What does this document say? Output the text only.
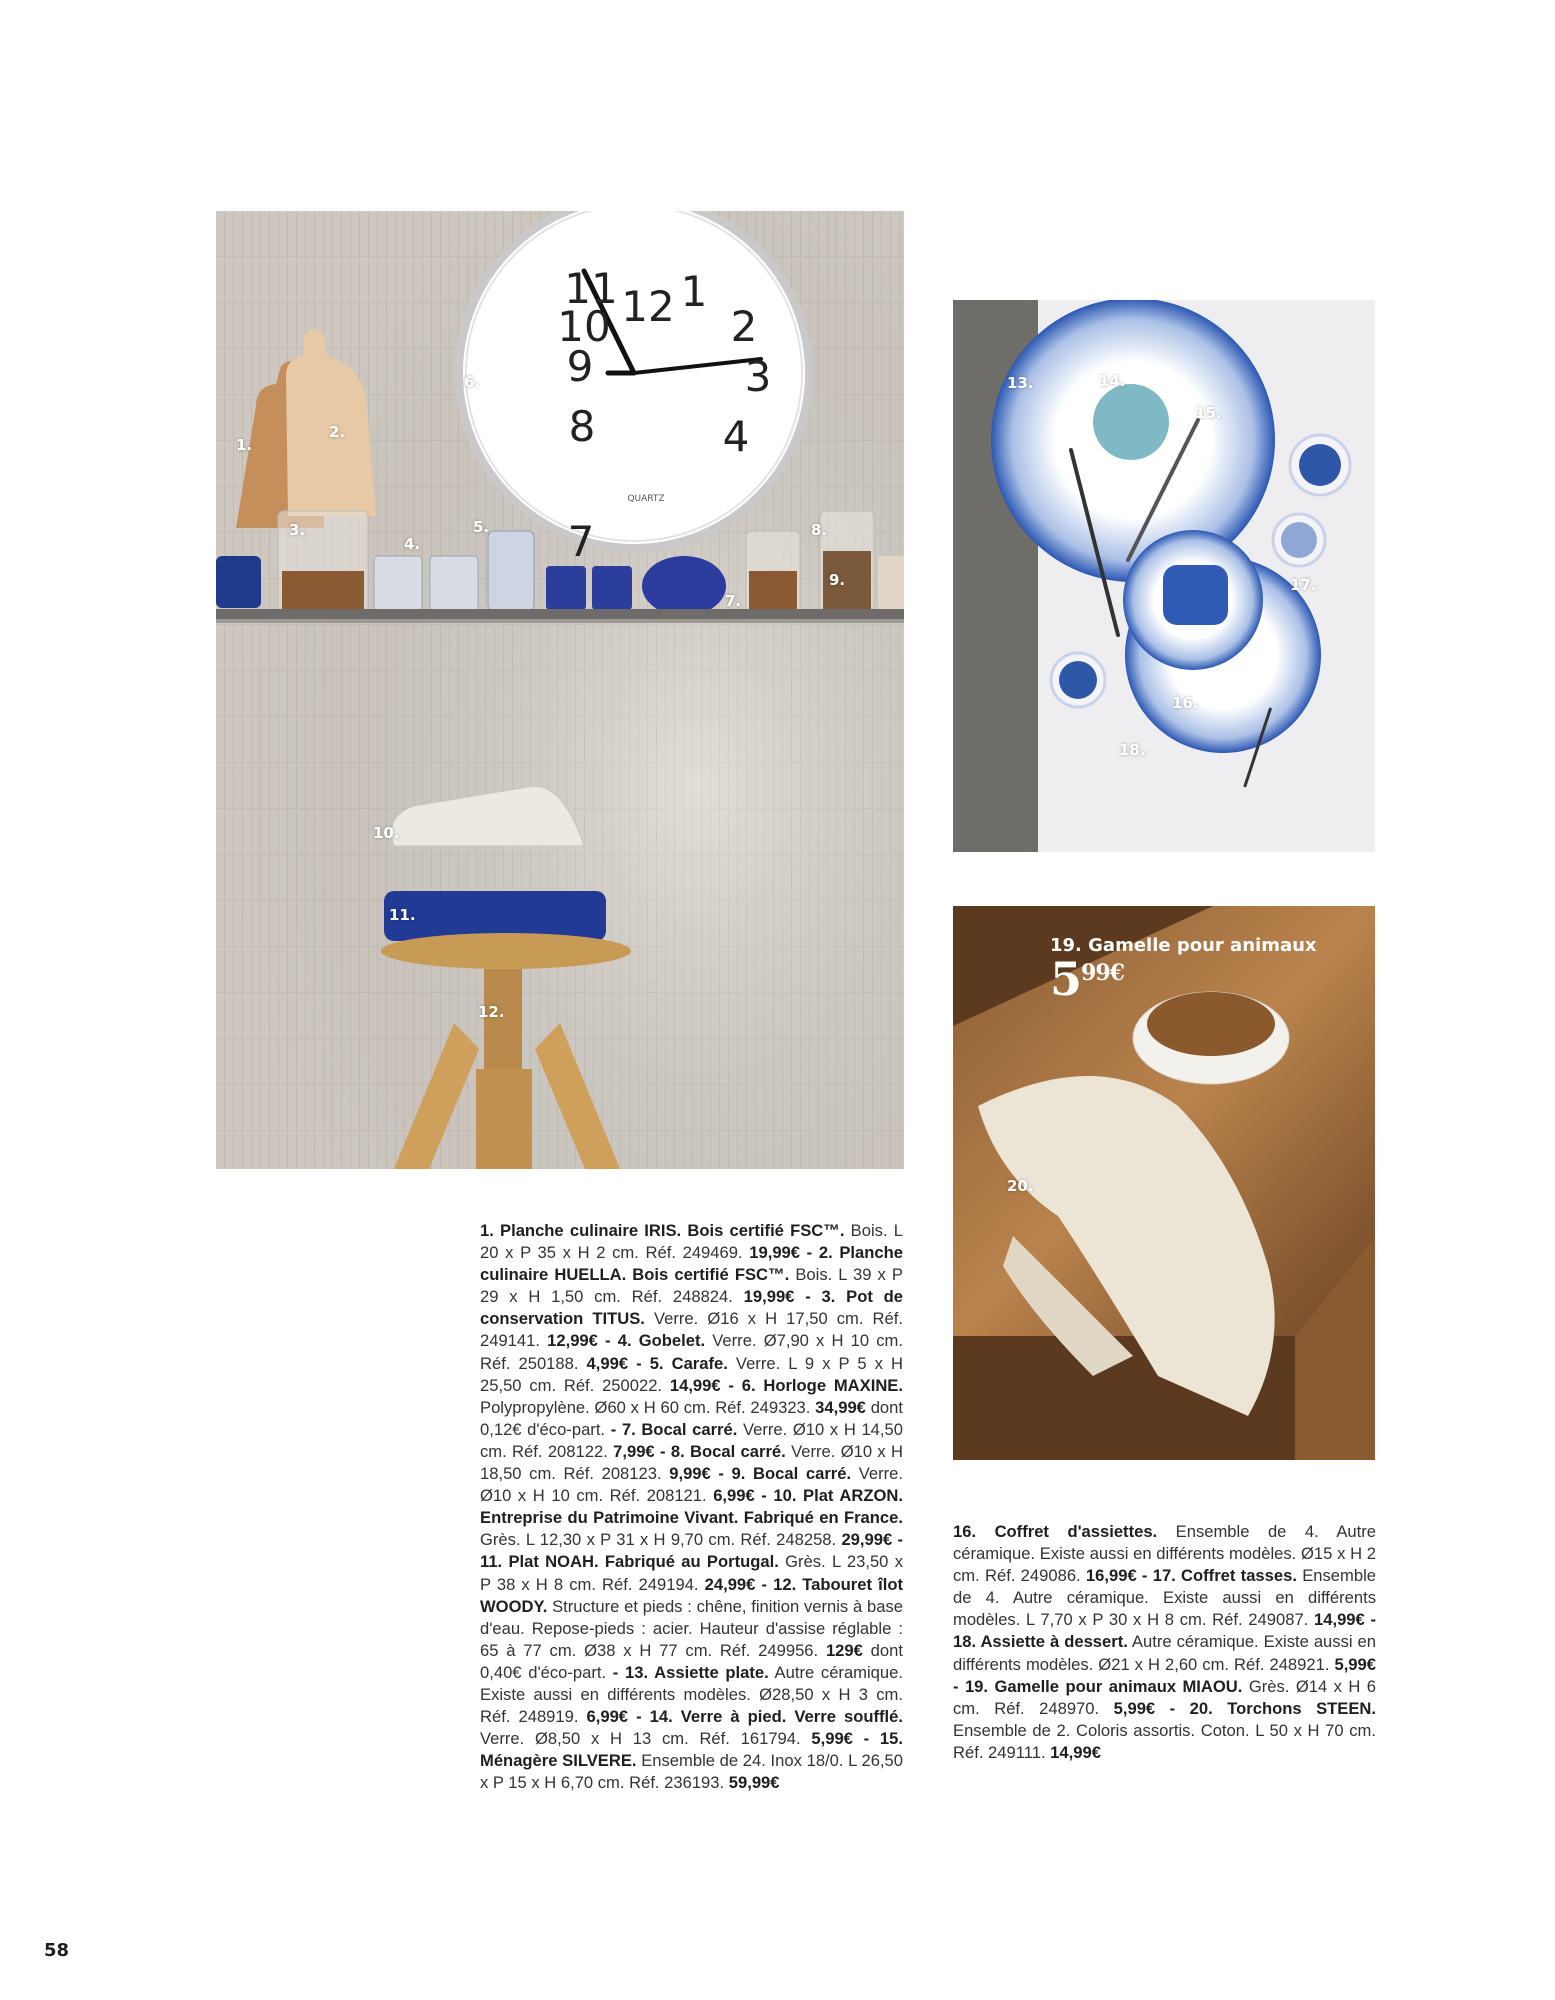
12
3
4
9
10
8
2
1
11
7
QUARTZ
1.
2.
3.
4.
5.
6.
7.
8.
9.
10.
11.
12.
13.	14.
15.
16.
17.
18.
20.
19. Gamelle pour animaux
$5^{99€}$
1. Planche culinaire IRIS. Bois certifié FSC™. Bois. L 20 x P 35 x H 2 cm. Réf. 249469. 19,99€ - 2. Planche culinaire HUELLA. Bois certifié FSC™. Bois. L 39 x P 29 x H 1,50 cm. Réf. 248824. 19,99€ - 3. Pot de conservation TITUS. Verre. Ø16 x H 17,50 cm. Réf. 249141. 12,99€ - 4. Gobelet. Verre. Ø7,90 x H 10 cm. Réf. 250188. 4,99€ - 5. Carafe. Verre. L 9 x P 5 x H 25,50 cm. Réf. 250022. 14,99€ - 6. Horloge MAXINE. Polypropylène. Ø60 x H 60 cm. Réf. 249323. 34,99€ dont 0,12€ d'éco-part. - 7. Bocal carré. Verre. Ø10 x H 14,50 cm. Réf. 208122. 7,99€ - 8. Bocal carré. Verre. Ø10 x H 18,50 cm. Réf. 208123. 9,99€ - 9. Bocal carré. Verre. Ø10 x H 10 cm. Réf. 208121. 6,99€ - 10. Plat ARZON. Entreprise du Patrimoine Vivant. Fabriqué en France. Grès. L 12,30 x P 31 x H 9,70 cm. Réf. 248258. 29,99€ - 11. Plat NOAH. Fabriqué au Portugal. Grès. L 23,50 x P 38 x H 8 cm. Réf. 249194. 24,99€ - 12. Tabouret îlot WOODY. Structure et pieds : chêne, finition vernis à base d'eau. Repose-pieds : acier. Hauteur d'assise réglable : 65 à 77 cm. Ø38 x H 77 cm. Réf. 249956. 129€ dont 0,40€ d'éco-part. - 13. Assiette plate. Autre céramique. Existe aussi en différents modèles. Ø28,50 x H 3 cm. Réf. 248919. 6,99€ - 14. Verre à pied. Verre soufflé. Verre. Ø8,50 x H 13 cm. Réf. 161794. 5,99€ - 15. Ménagère SILVERE. Ensemble de 24. Inox 18/0. L 26,50 x P 15 x H 6,70 cm. Réf. 236193. 59,99€
16. Coffret d'assiettes. Ensemble de 4. Autre céramique. Existe aussi en différents modèles. Ø15 x H 2 cm. Réf. 249086. 16,99€ - 17. Coffret tasses. Ensemble de 4. Autre céramique. Existe aussi en différents modèles. L 7,70 x P 30 x H 8 cm. Réf. 249087. 14,99€ - 18. Assiette à dessert. Autre céramique. Existe aussi en différents modèles. Ø21 x H 2,60 cm. Réf. 248921. 5,99€ - 19. Gamelle pour animaux MIAOU. Grès. Ø14 x H 6 cm. Réf. 248970. 5,99€ - 20. Torchons STEEN. Ensemble de 2. Coloris assortis. Coton. L 50 x H 70 cm. Réf. 249111. 14,99€
58
